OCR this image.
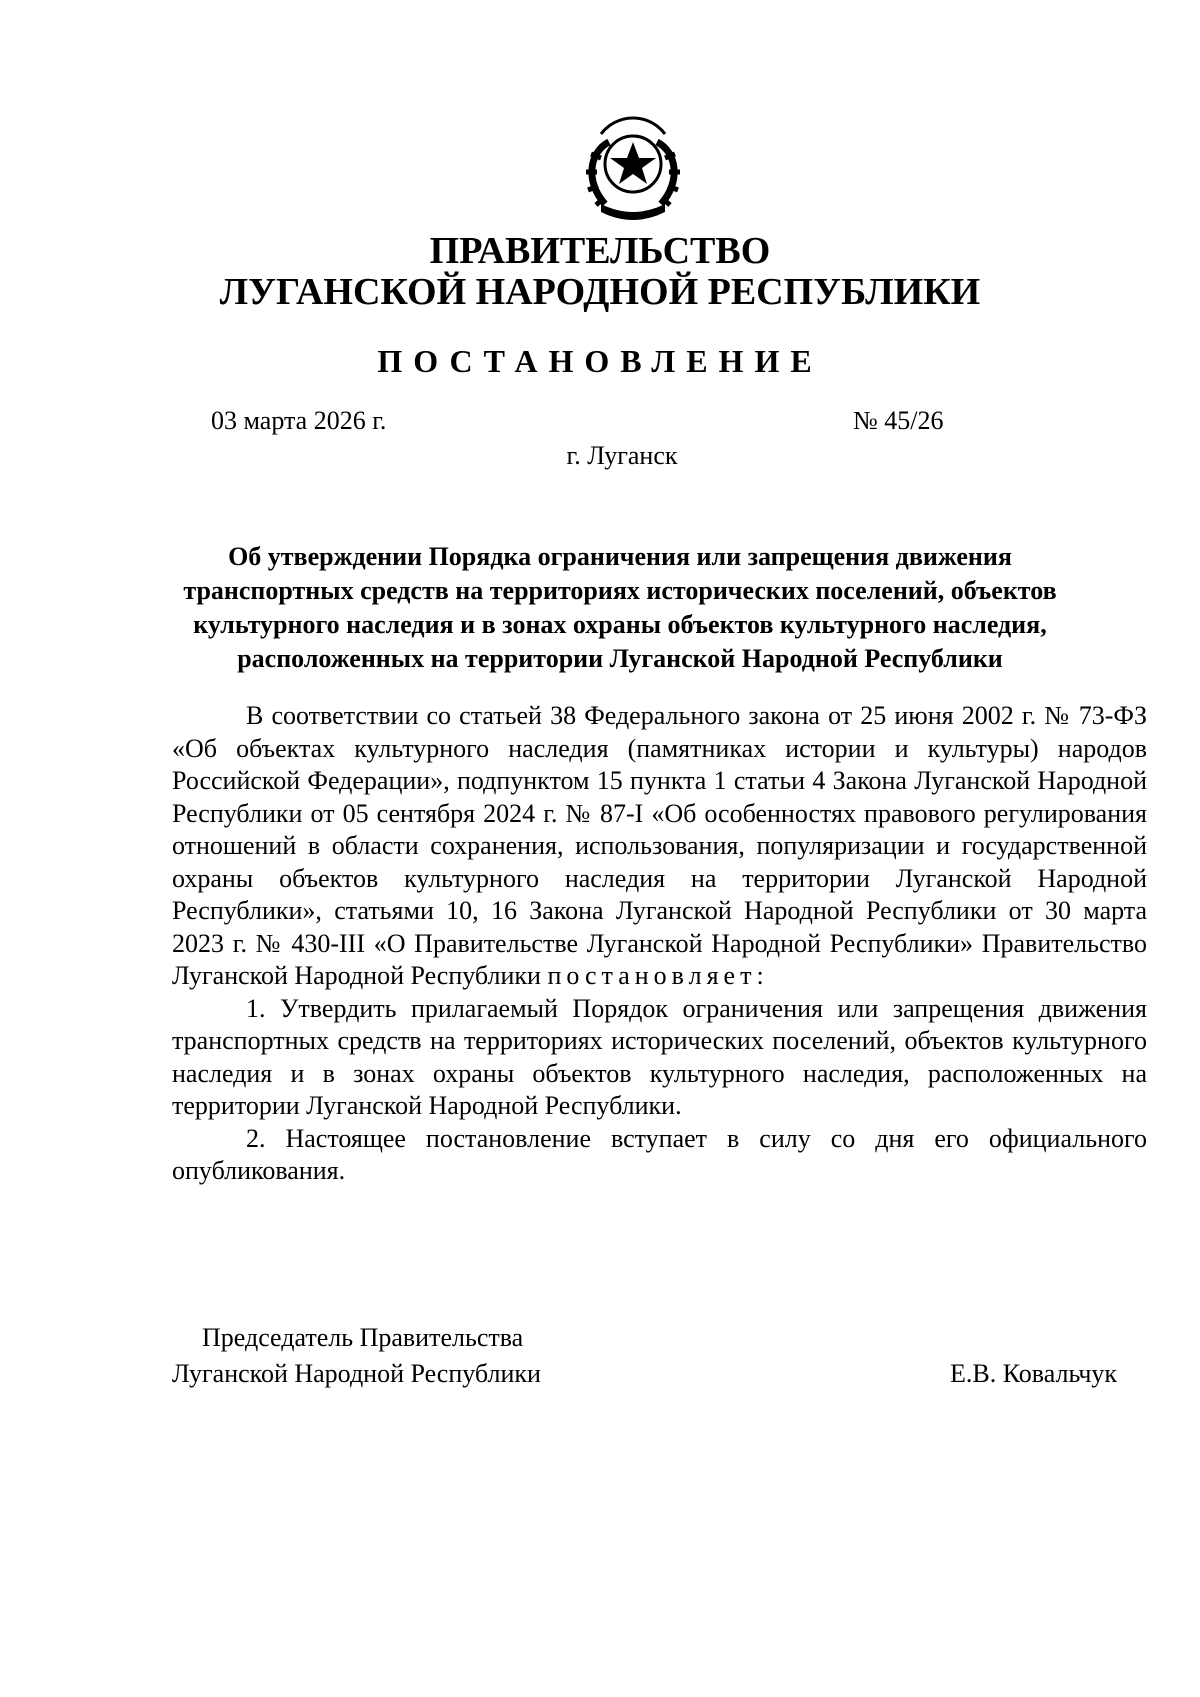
ПРАВИТЕЛЬСТВО
ЛУГАНСКОЙ НАРОДНОЙ РЕСПУБЛИКИ
ПОСТАНОВЛЕНИЕ
03 марта 2026 г.	№ 45/26
г. Луганск
Об утверждении Порядка ограничения или запрещения движения
транспортных средств на территориях исторических поселений, объектов
культурного наследия и в зонах охраны объектов культурного наследия,
расположенных на территории Луганской Народной Республики

В соответствии со статьей 38 Федерального закона от 25 июня 2002 г. № 73-ФЗ «Об объектах культурного наследия (памятниках истории и культуры) народов Российской Федерации», подпунктом 15 пункта 1 статьи 4 Закона Луганской Народной Республики от 05 сентября 2024 г. № 87-I «Об особенностях правового регулирования отношений в области сохранения, использования, популяризации и государственной охраны объектов культурного наследия на территории Луганской Народной Республики», статьями 10, 16 Закона Луганской Народной Республики от 30 марта 2023 г. № 430-III «О Правительстве Луганской Народной Республики» Правительство Луганской Народной Республики постановляет:

1. Утвердить прилагаемый Порядок ограничения или запрещения движения транспортных средств на территориях исторических поселений, объектов культурного наследия и в зонах охраны объектов культурного наследия, расположенных на территории Луганской Народной Республики.

2. Настоящее постановление вступает в силу со дня его официального опубликования.

Председатель Правительства
Луганской Народной Республики	Е.В. Ковальчук
